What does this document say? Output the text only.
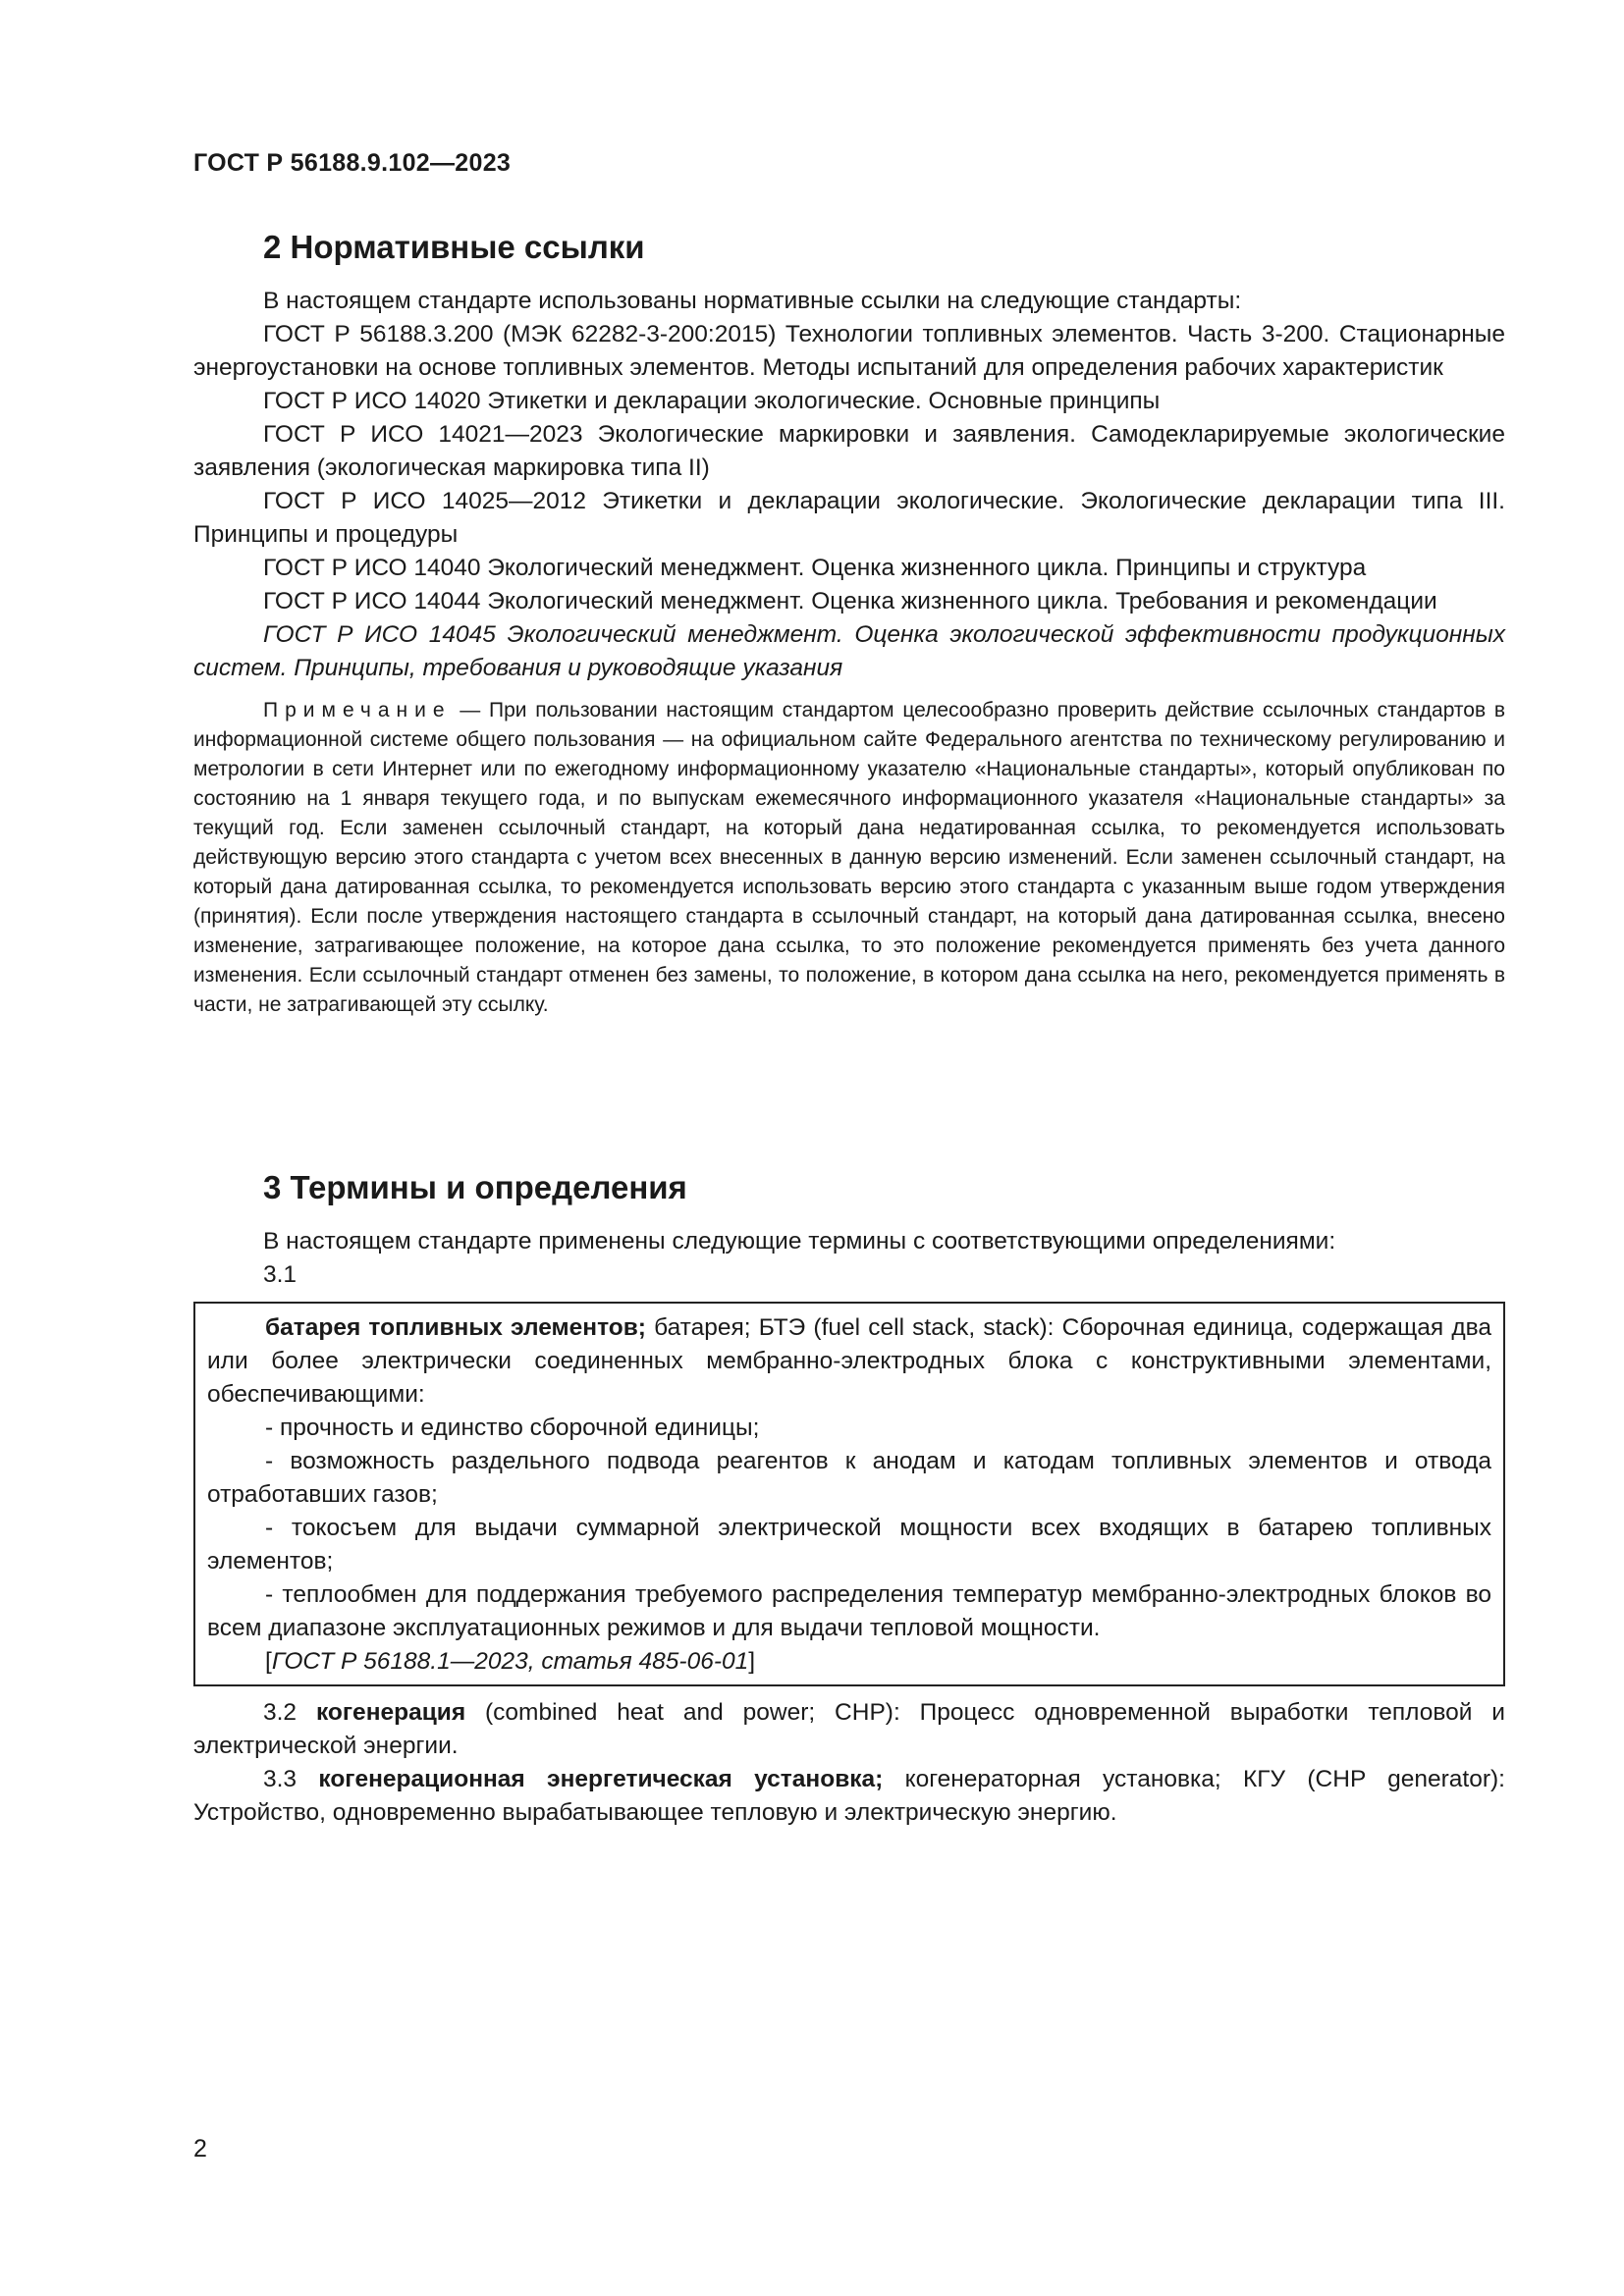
ГОСТ Р 56188.9.102—2023

2 Нормативные ссылки

В настоящем стандарте использованы нормативные ссылки на следующие стандарты:

ГОСТ Р 56188.3.200 (МЭК 62282-3-200:2015) Технологии топливных элементов. Часть 3-200. Стационарные энергоустановки на основе топливных элементов. Методы испытаний для определения рабочих характеристик

ГОСТ Р ИСО 14020 Этикетки и декларации экологические. Основные принципы

ГОСТ Р ИСО 14021—2023 Экологические маркировки и заявления. Самодекларируемые экологические заявления (экологическая маркировка типа II)

ГОСТ Р ИСО 14025—2012 Этикетки и декларации экологические. Экологические декларации типа III. Принципы и процедуры

ГОСТ Р ИСО 14040 Экологический менеджмент. Оценка жизненного цикла. Принципы и структура

ГОСТ Р ИСО 14044 Экологический менеджмент. Оценка жизненного цикла. Требования и рекомендации

ГОСТ Р ИСО 14045 Экологический менеджмент. Оценка экологической эффективности продукционных систем. Принципы, требования и руководящие указания

Примечание — При пользовании настоящим стандартом целесообразно проверить действие ссылочных стандартов в информационной системе общего пользования — на официальном сайте Федерального агентства по техническому регулированию и метрологии в сети Интернет или по ежегодному информационному указателю «Национальные стандарты», который опубликован по состоянию на 1 января текущего года, и по выпускам ежемесячного информационного указателя «Национальные стандарты» за текущий год. Если заменен ссылочный стандарт, на который дана недатированная ссылка, то рекомендуется использовать действующую версию этого стандарта с учетом всех внесенных в данную версию изменений. Если заменен ссылочный стандарт, на который дана датированная ссылка, то рекомендуется использовать версию этого стандарта с указанным выше годом утверждения (принятия). Если после утверждения настоящего стандарта в ссылочный стандарт, на который дана датированная ссылка, внесено изменение, затрагивающее положение, на которое дана ссылка, то это положение рекомендуется применять без учета данного изменения. Если ссылочный стандарт отменен без замены, то положение, в котором дана ссылка на него, рекомендуется применять в части, не затрагивающей эту ссылку.

3 Термины и определения

В настоящем стандарте применены следующие термины с соответствующими определениями:

3.1

батарея топливных элементов; батарея; БТЭ (fuel cell stack, stack): Сборочная единица, содержащая два или более электрически соединенных мембранно-электродных блока с конструктивными элементами, обеспечивающими:

- прочность и единство сборочной единицы;

- возможность раздельного подвода реагентов к анодам и катодам топливных элементов и отвода отработавших газов;

- токосъем для выдачи суммарной электрической мощности всех входящих в батарею топливных элементов;

- теплообмен для поддержания требуемого распределения температур мембранно-электродных блоков во всем диапазоне эксплуатационных режимов и для выдачи тепловой мощности.

[ГОСТ Р 56188.1—2023, статья 485-06-01]

3.2 когенерация (combined heat and power; CHP): Процесс одновременной выработки тепловой и электрической энергии.

3.3 когенерационная энергетическая установка; когенераторная установка; КГУ (CHP generator): Устройство, одновременно вырабатывающее тепловую и электрическую энергию.

2
